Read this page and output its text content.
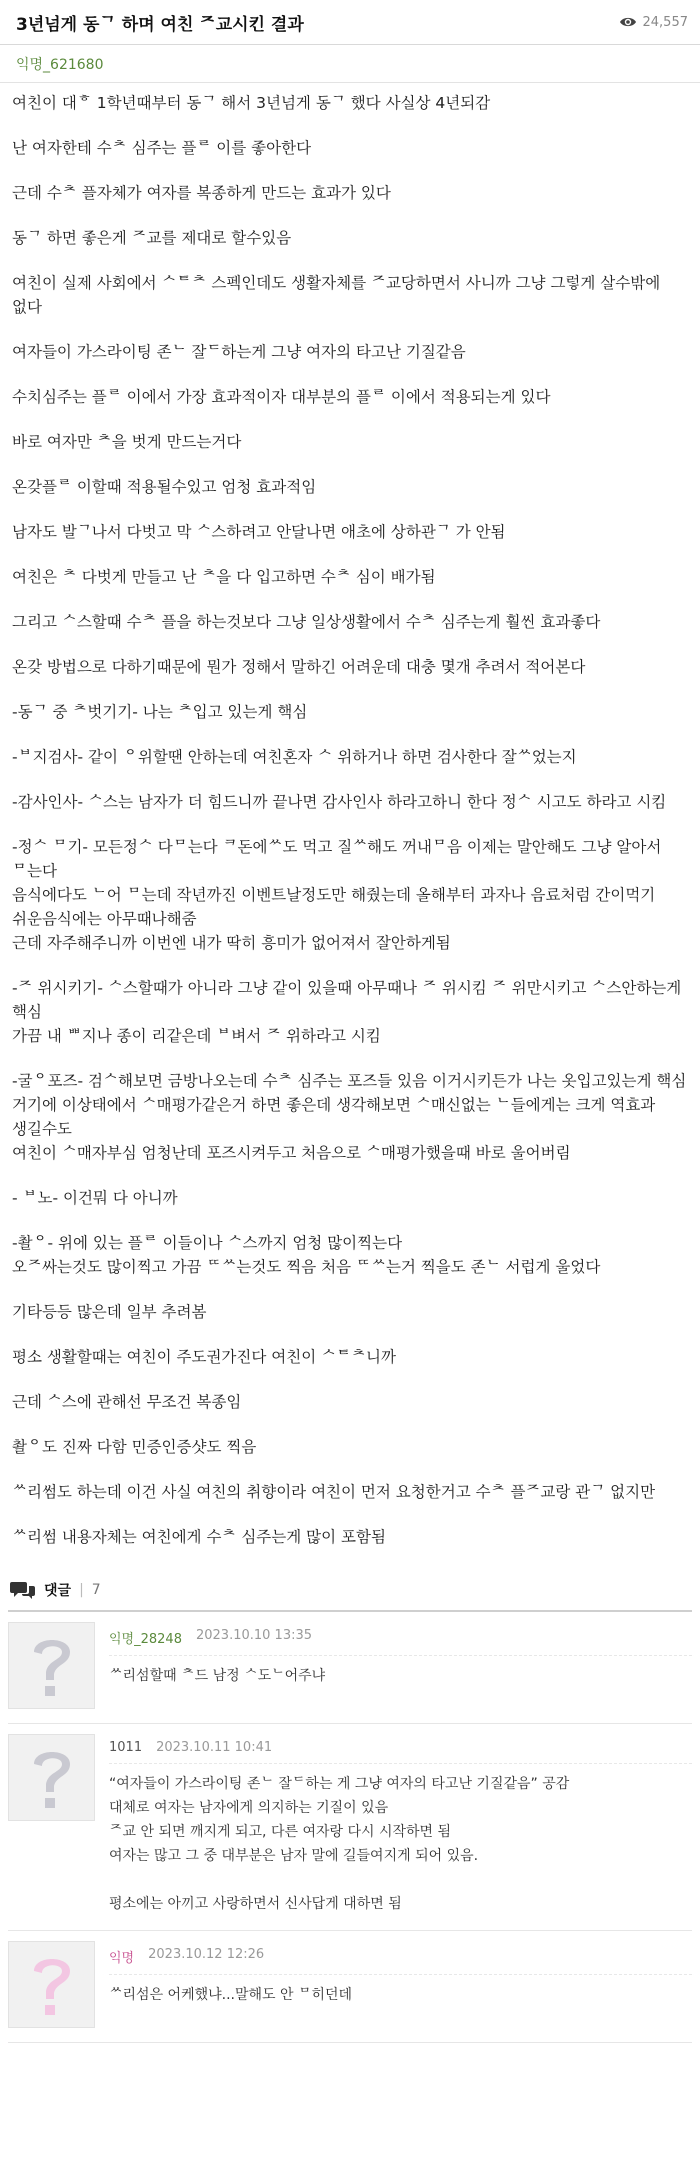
3년넘게 동ᄀ 하며 여친 ᄌ교시킨 결과	24,557
익명_621680

여친이 대ᄒ 1학년때부터 동ᄀ 해서 3년넘게 동ᄀ 했다 사실상 4년되감

난 여자한테 수ᄎ 심주는 플ᄅ 이를 좋아한다

근데 수ᄎ 플자체가 여자를 복종하게 만드는 효과가 있다

동ᄀ 하면 좋은게 ᄌ교를 제대로 할수있음

여친이 실제 사회에서 ᄉᄐᄎ 스펙인데도 생활자체를 ᄌ교당하면서 사니까 그냥 그렇게 살수밖에 없다

여자들이 가스라이팅 존ᄂ 잘ᄃ하는게 그냥 여자의 타고난 기질같음

수치심주는 플ᄅ 이에서 가장 효과적이자 대부분의 플ᄅ 이에서 적용되는게 있다

바로 여자만 ᄎ을 벗게 만드는거다

온갖플ᄅ 이할때 적용될수있고 엄청 효과적임

남자도 발ᄀ나서 다벗고 막 ᄉ스하려고 안달나면 애초에 상하관ᄀ 가 안됨

여친은 ᄎ 다벗게 만들고 난 ᄎ을 다 입고하면 수ᄎ 심이 배가됨

그리고 ᄉ스할때 수ᄎ 플을 하는것보다 그냥 일상생활에서 수ᄎ 심주는게 훨씬 효과좋다

온갖 방법으로 다하기때문에 뭔가 정해서 말하긴 어려운데 대충 몇개 추려서 적어본다

-동ᄀ 중 ᄎ벗기기- 나는 ᄎ입고 있는게 핵심

-ᄇ지검사- 같이 ᄋ위할땐 안하는데 여친혼자 ᄉ 위하거나 하면 검사한다 잘ᄊ었는지

-감사인사- ᄉ스는 남자가 더 힘드니까 끝나면 감사인사 하라고하니 한다 정ᄉ 시고도 하라고 시킴

-정ᄉ ᄆ기- 모든정ᄉ 다ᄆ는다 ᄏ돈에ᄊ도 먹고 질ᄊ해도 꺼내ᄆ음 이제는 말안해도 그냥 알아서 ᄆ는다
음식에다도 ᄂ어 ᄆ는데 작년까진 이벤트날정도만 해줬는데 올해부터 과자나 음료처럼 간이먹기 쉬운음식에는 아무때나해줌
근데 자주해주니까 이번엔 내가 딱히 흥미가 없어져서 잘안하게됨

-ᄌ 위시키기- ᄉ스할때가 아니라 그냥 같이 있을때 아무때나 ᄌ 위시킴 ᄌ 위만시키고 ᄉ스안하는게 핵심
가끔 내 ᄈ지나 종이 리같은데 ᄇ벼서 ᄌ 위하라고 시킴

-굴ᄋ포즈- 검ᄉ해보면 금방나오는데 수ᄎ 심주는 포즈들 있음 이거시키든가 나는 옷입고있는게 핵심
거기에 이상태에서 ᄉ매평가같은거 하면 좋은데 생각해보면 ᄉ매신없는 ᄂ들에게는 크게 역효과 생길수도
여친이 ᄉ매자부심 엄청난데 포즈시켜두고 처음으로 ᄉ매평가했을때 바로 울어버림

- ᄇ노- 이건뭐 다 아니까

-촬ᄋ- 위에 있는 플ᄅ 이들이나 ᄉ스까지 엄청 많이찍는다
오ᄌ싸는것도 많이찍고 가끔 ᄄᄊ는것도 찍음 처음 ᄄᄊ는거 찍을도 존ᄂ 서럽게 울었다

기타등등 많은데 일부 추려봄

평소 생활할때는 여친이 주도권가진다 여친이 ᄉᄐᄎ니까

근데 ᄉ스에 관해선 무조건 복종임

촬ᄋ도 진짜 다함 민증인증샷도 찍음

ᄊ리썸도 하는데 이건 사실 여친의 취향이라 여친이 먼저 요청한거고 수ᄎ 플ᄌ교랑 관ᄀ 없지만

ᄊ리썸 내용자체는 여친에게 수ᄎ 심주는게 많이 포함됨

댓글 | 7
익명_28248 2023.10.10 13:35
ᄊ리섬할때 ᄎ드 남정 ᄉ도ᄂ어주냐
1011 2023.10.11 10:41
“여자들이 가스라이팅 존ᄂ 잘ᄃ하는 게 그냥 여자의 타고난 기질같음” 공감
대체로 여자는 남자에게 의지하는 기질이 있음
ᄌ교 안 되면 깨지게 되고, 다른 여자랑 다시 시작하면 됨
여자는 많고 그 중 대부분은 남자 말에 길들여지게 되어 있음.
평소에는 아끼고 사랑하면서 신사답게 대하면 됨
익명 2023.10.12 12:26
ᄊ리섬은 어케했냐...말해도 안 ᄆ히던데
